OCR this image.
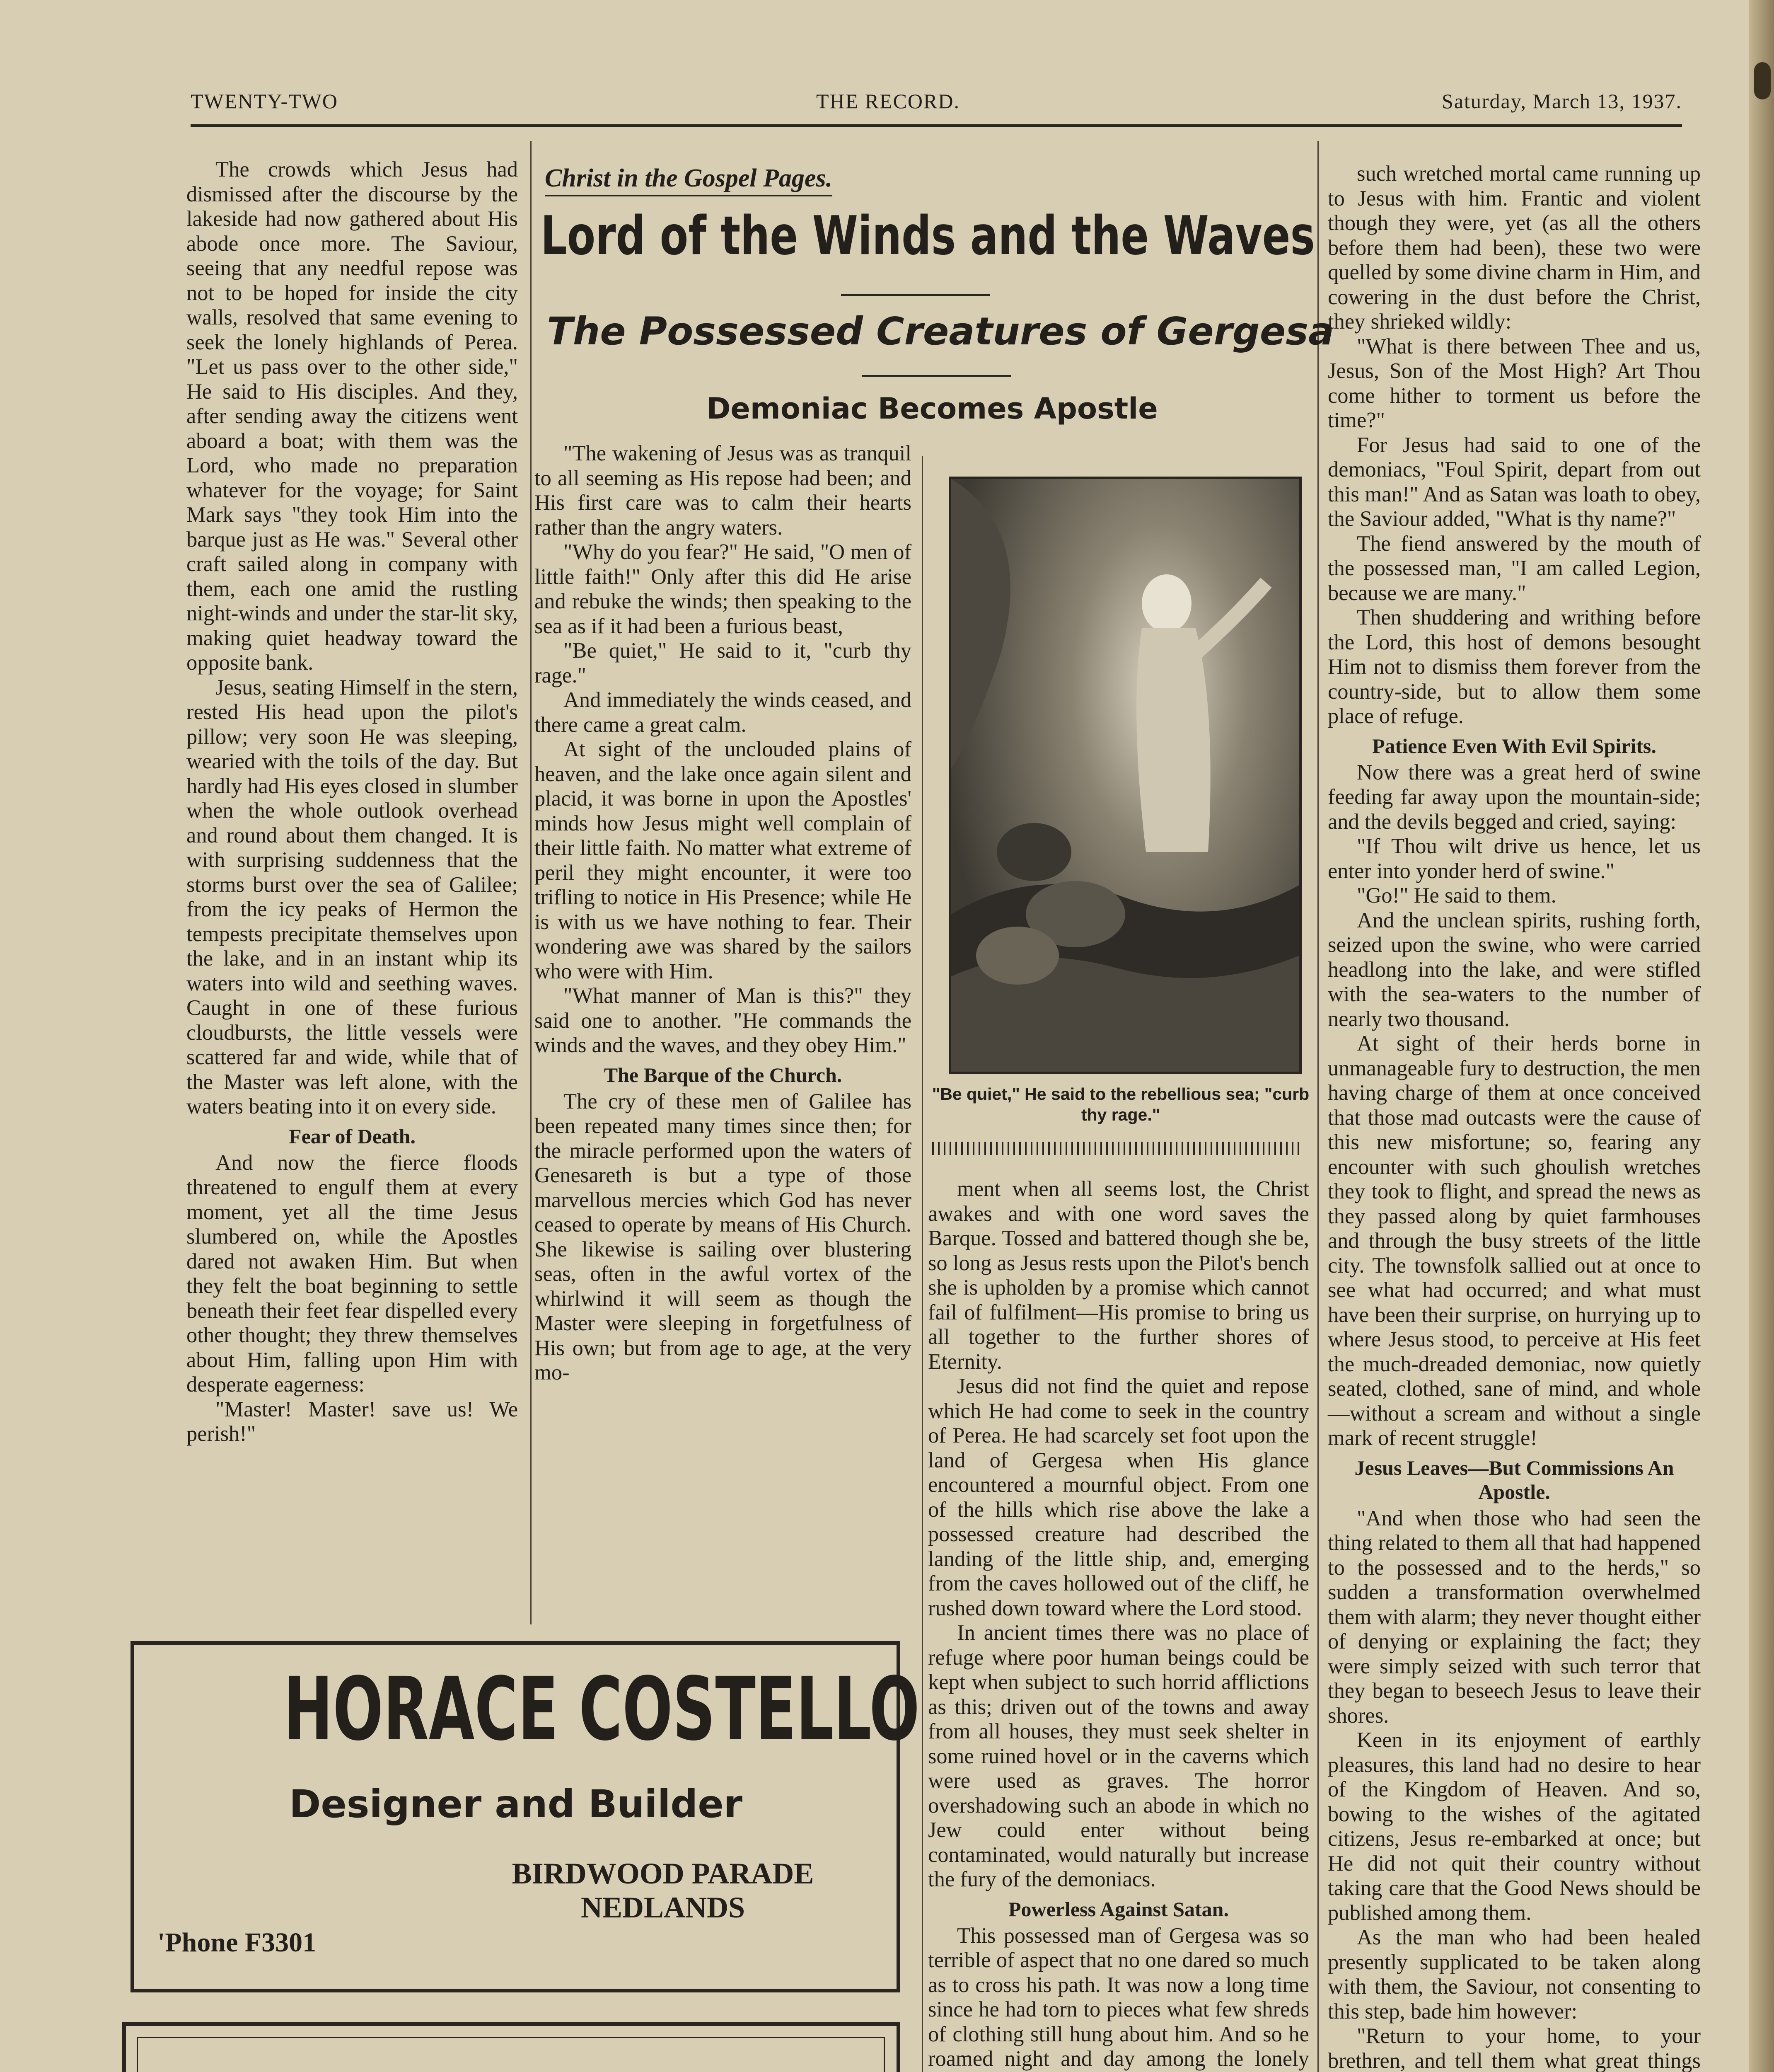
TWENTY-TWO	THE RECORD.	Saturday, March 13, 1937.

The crowds which Jesus had dismissed after the discourse by the lakeside had now gathered about His abode once more. The Saviour, seeing that any needful repose was not to be hoped for inside the city walls, resolved that same evening to seek the lonely highlands of Perea. "Let us pass over to the other side," He said to His disciples. And they, after sending away the citizens went aboard a boat; with them was the Lord, who made no preparation whatever for the voyage; for Saint Mark says "they took Him into the barque just as He was." Several other craft sailed along in company with them, each one amid the rustling night-winds and under the star-lit sky, making quiet headway toward the opposite bank.

Jesus, seating Himself in the stern, rested His head upon the pilot's pillow; very soon He was sleeping, wearied with the toils of the day. But hardly had His eyes closed in slumber when the whole outlook overhead and round about them changed. It is with surprising suddenness that the storms burst over the sea of Galilee; from the icy peaks of Hermon the tempests precipitate themselves upon the lake, and in an instant whip its waters into wild and seething waves. Caught in one of these furious cloudbursts, the little vessels were scattered far and wide, while that of the Master was left alone, with the waters beating into it on every side.

Fear of Death.

And now the fierce floods threatened to engulf them at every moment, yet all the time Jesus slumbered on, while the Apostles dared not awaken Him. But when they felt the boat beginning to settle beneath their feet fear dispelled every other thought; they threw themselves about Him, falling upon Him with desperate eagerness:

"Master! Master! save us! We perish!"

Christ in the Gospel Pages.
Lord of the Winds and the Waves
The Possessed Creatures of Gergesa
Demoniac Becomes Apostle

"The wakening of Jesus was as tranquil to all seeming as His repose had been; and His first care was to calm their hearts rather than the angry waters.

"Why do you fear?" He said, "O men of little faith!" Only after this did He arise and rebuke the winds; then speaking to the sea as if it had been a furious beast,

"Be quiet," He said to it, "curb thy rage."

And immediately the winds ceased, and there came a great calm.

At sight of the unclouded plains of heaven, and the lake once again silent and placid, it was borne in upon the Apostles' minds how Jesus might well complain of their little faith. No matter what extreme of peril they might encounter, it were too trifling to notice in His Presence; while He is with us we have nothing to fear. Their wondering awe was shared by the sailors who were with Him.

"What manner of Man is this?" they said one to another. "He commands the winds and the waves, and they obey Him."

The Barque of the Church.

The cry of these men of Galilee has been repeated many times since then; for the miracle performed upon the waters of Genesareth is but a type of those marvellous mercies which God has never ceased to operate by means of His Church. She likewise is sailing over blustering seas, often in the awful vortex of the whirlwind it will seem as though the Master were sleeping in forgetfulness of His own; but from age to age, at the very mo-

"Be quiet," He said to the rebellious sea; "curb thy rage."

ment when all seems lost, the Christ awakes and with one word saves the Barque. Tossed and battered though she be, so long as Jesus rests upon the Pilot's bench she is upholden by a promise which cannot fail of fulfilment—His promise to bring us all together to the further shores of Eternity.

Jesus did not find the quiet and repose which He had come to seek in the country of Perea. He had scarcely set foot upon the land of Gergesa when His glance encountered a mournful object. From one of the hills which rise above the lake a possessed creature had described the landing of the little ship, and, emerging from the caves hollowed out of the cliff, he rushed down toward where the Lord stood.

In ancient times there was no place of refuge where poor human beings could be kept when subject to such horrid afflictions as this; driven out of the towns and away from all houses, they must seek shelter in some ruined hovel or in the caverns which were used as graves. The horror overshadowing such an abode in which no Jew could enter without being contaminated, would naturally but increase the fury of the demoniacs.

Powerless Against Satan.

This possessed man of Gergesa was so terrible of aspect that no one dared so much as to cross his path. It was now a long time since he had torn to pieces what few shreds of clothing still hung about him. And so he roamed night and day among the lonely

such wretched mortal came running up to Jesus with him. Frantic and violent though they were, yet (as all the others before them had been), these two were quelled by some divine charm in Him, and cowering in the dust before the Christ, they shrieked wildly:

"What is there between Thee and us, Jesus, Son of the Most High? Art Thou come hither to torment us before the time?"

For Jesus had said to one of the demoniacs, "Foul Spirit, depart from out this man!" And as Satan was loath to obey, the Saviour added, "What is thy name?"

The fiend answered by the mouth of the possessed man, "I am called Legion, because we are many."

Then shuddering and writhing before the Lord, this host of demons besought Him not to dismiss them forever from the country-side, but to allow them some place of refuge.

Patience Even With Evil Spirits.

Now there was a great herd of swine feeding far away upon the mountain-side; and the devils begged and cried, saying:

"If Thou wilt drive us hence, let us enter into yonder herd of swine."

"Go!" He said to them.

And the unclean spirits, rushing forth, seized upon the swine, who were carried headlong into the lake, and were stifled with the sea-waters to the number of nearly two thousand.

At sight of their herds borne in unmanageable fury to destruction, the men having charge of them at once conceived that those mad outcasts were the cause of this new misfortune; so, fearing any encounter with such ghoulish wretches they took to flight, and spread the news as they passed along by quiet farmhouses and through the busy streets of the little city. The townsfolk sallied out at once to see what had occurred; and what must have been their surprise, on hurrying up to where Jesus stood, to perceive at His feet the much-dreaded demoniac, now quietly seated, clothed, sane of mind, and whole—without a scream and without a single mark of recent struggle!

Jesus Leaves—But Commissions An Apostle.

"And when those who had seen the thing related to them all that had happened to the possessed and to the herds," so sudden a transformation overwhelmed them with alarm; they never thought either of denying or explaining the fact; they were simply seized with such terror that they began to beseech Jesus to leave their shores.

Keen in its enjoyment of earthly pleasures, this land had no desire to hear of the Kingdom of Heaven. And so, bowing to the wishes of the agitated citizens, Jesus re-embarked at once; but He did not quit their country without taking care that the Good News should be published among them.

As the man who had been healed presently supplicated to be taken along with them, the Saviour, not consenting to this step, bade him however:

"Return to your home, to your brethren, and tell them what great things

HORACE COSTELLO
Designer and Builder
BIRDWOOD PARADE
NEDLANDS
'Phone F3301
